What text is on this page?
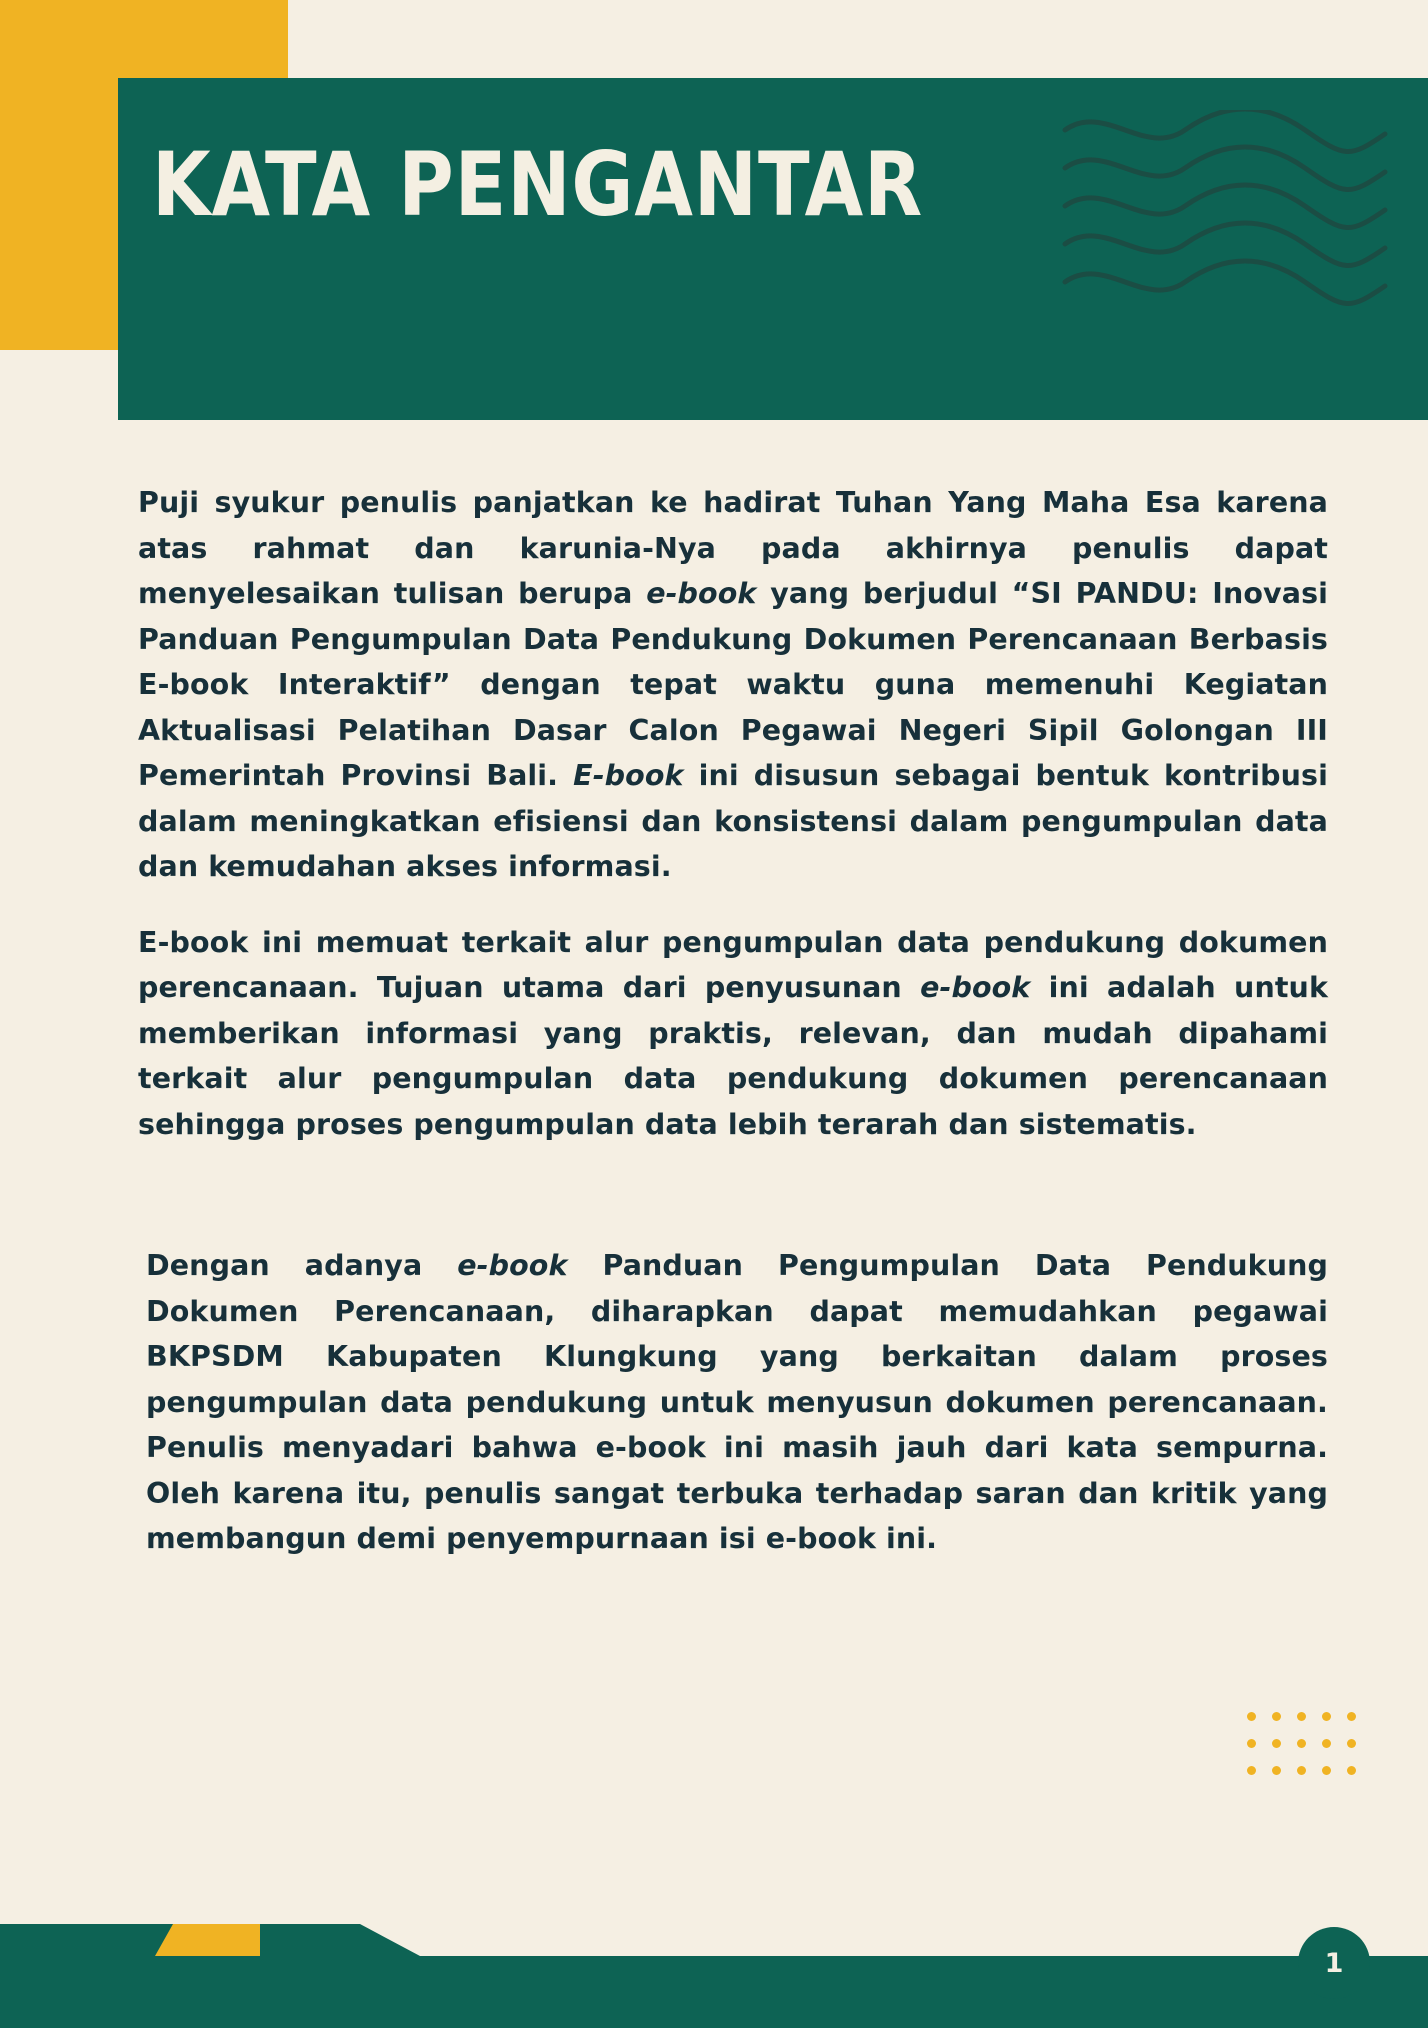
KATA PENGANTAR

Puji syukur penulis panjatkan ke hadirat Tuhan Yang Maha Esa karena atas rahmat dan karunia-Nya pada akhirnya penulis dapat menyelesaikan tulisan berupa e-book yang berjudul “SI PANDU: Inovasi Panduan Pengumpulan Data Pendukung Dokumen Perencanaan Berbasis E-book Interaktif” dengan tepat waktu guna memenuhi Kegiatan Aktualisasi Pelatihan Dasar Calon Pegawai Negeri Sipil Golongan III Pemerintah Provinsi Bali. E-book ini disusun sebagai bentuk kontribusi dalam meningkatkan efisiensi dan konsistensi dalam pengumpulan data dan kemudahan akses informasi.

E-book ini memuat terkait alur pengumpulan data pendukung dokumen perencanaan. Tujuan utama dari penyusunan e-book ini adalah untuk memberikan informasi yang praktis, relevan, dan mudah dipahami terkait alur pengumpulan data pendukung dokumen perencanaan sehingga proses pengumpulan data lebih terarah dan sistematis.

Dengan adanya e-book Panduan Pengumpulan Data Pendukung Dokumen Perencanaan, diharapkan dapat memudahkan pegawai BKPSDM Kabupaten Klungkung yang berkaitan dalam proses pengumpulan data pendukung untuk menyusun dokumen perencanaan. Penulis menyadari bahwa e-book ini masih jauh dari kata sempurna. Oleh karena itu, penulis sangat terbuka terhadap saran dan kritik yang membangun demi penyempurnaan isi e-book ini.

1
